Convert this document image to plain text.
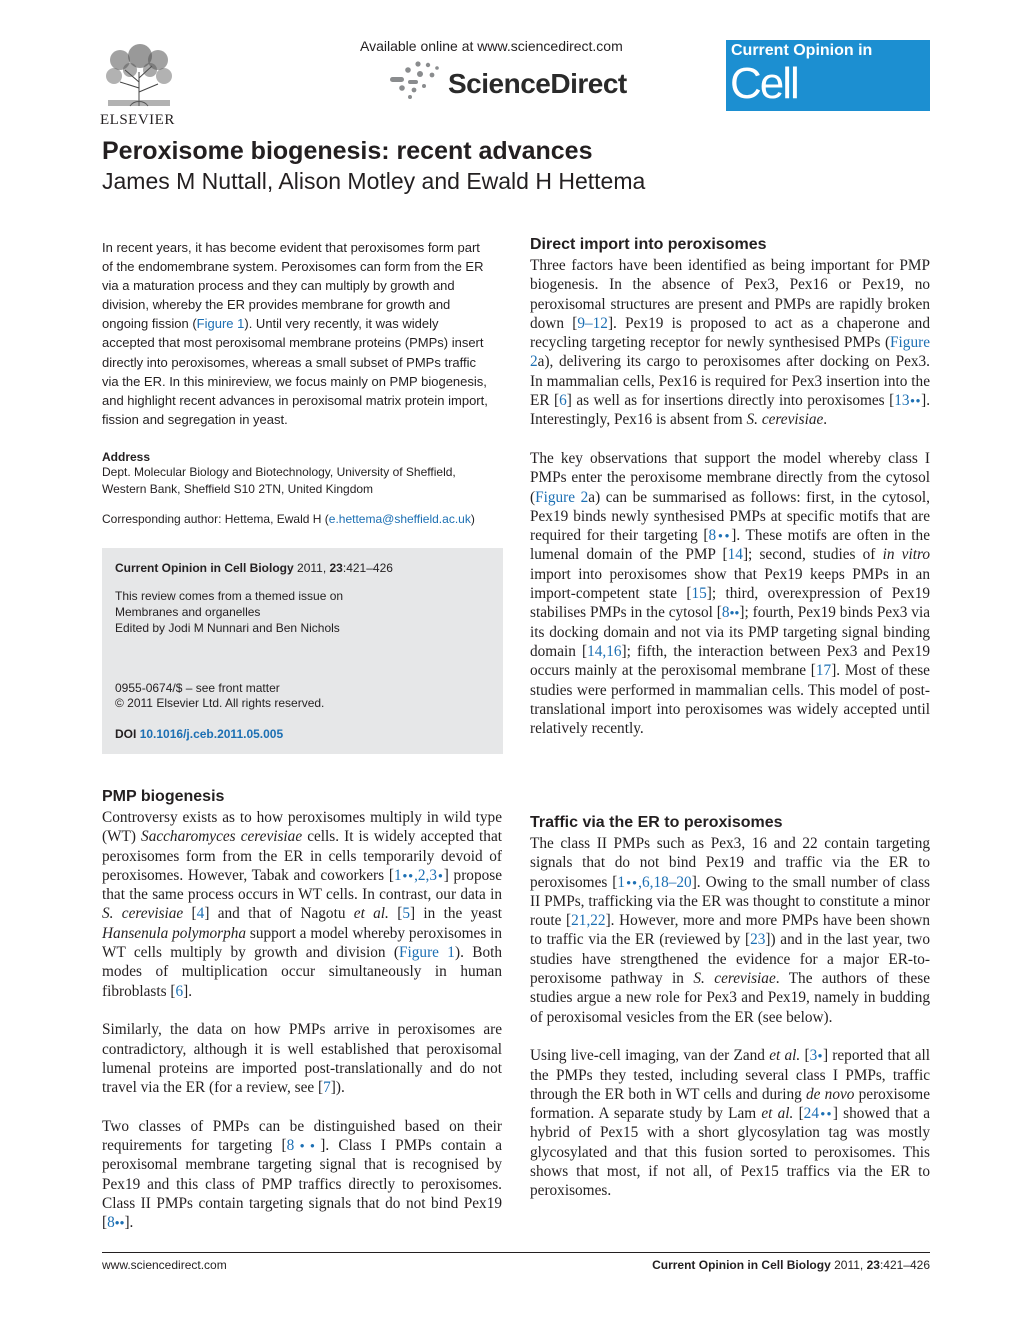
ELSEVIER
Available online at www.sciencedirect.com
ScienceDirect
Current Opinion in
Cell Biology
Peroxisome biogenesis: recent advances
James M Nuttall, Alison Motley and Ewald H Hettema
In recent years, it has become evident that peroxisomes form part of the endomembrane system. Peroxisomes can form from the ER via a maturation process and they can multiply by growth and division, whereby the ER provides membrane for growth and ongoing fission (Figure 1). Until very recently, it was widely accepted that most peroxisomal membrane proteins (PMPs) insert directly into peroxisomes, whereas a small subset of PMPs traffic via the ER. In this minireview, we focus mainly on PMP biogenesis, and highlight recent advances in peroxisomal matrix protein import, fission and segregation in yeast.
Address
Dept. Molecular Biology and Biotechnology, University of Sheffield,
Western Bank, Sheffield S10 2TN, United Kingdom
Corresponding author: Hettema, Ewald H (e.hettema@sheffield.ac.uk)
Current Opinion in Cell Biology 2011, 23:421–426
This review comes from a themed issue on
Membranes and organelles
Edited by Jodi M Nunnari and Ben Nichols
0955-0674/$ – see front matter
© 2011 Elsevier Ltd. All rights reserved.
DOI 10.1016/j.ceb.2011.05.005
PMP biogenesis

Controversy exists as to how peroxisomes multiply in wild type (WT) Saccharomyces cerevisiae cells. It is widely accepted that peroxisomes form from the ER in cells temporarily devoid of peroxisomes. However, Tabak and coworkers [1●●,2,3●] propose that the same process occurs in WT cells. In contrast, our data in S. cerevisiae [4] and that of Nagotu et al. [5] in the yeast Hansenula polymorpha support a model whereby peroxisomes in WT cells multiply by growth and division (Figure 1). Both modes of multiplication occur simultaneously in human fibroblasts [6].

Similarly, the data on how PMPs arrive in peroxisomes are contradictory, although it is well established that peroxisomal lumenal proteins are imported post-translationally and do not travel via the ER (for a review, see [7]).

Two classes of PMPs can be distinguished based on their requirements for targeting [8●●]. Class I PMPs contain a peroxisomal membrane targeting signal that is recognised by Pex19 and this class of PMP traffics directly to peroxisomes. Class II PMPs contain targeting signals that do not bind Pex19 [8●●].

Direct import into peroxisomes

Three factors have been identified as being important for PMP biogenesis. In the absence of Pex3, Pex16 or Pex19, no peroxisomal structures are present and PMPs are rapidly broken down [9–12]. Pex19 is proposed to act as a chaperone and recycling targeting receptor for newly synthesised PMPs (Figure 2a), delivering its cargo to peroxisomes after docking on Pex3. In mammalian cells, Pex16 is required for Pex3 insertion into the ER [6] as well as for insertions directly into peroxisomes [13●●]. Interestingly, Pex16 is absent from S. cerevisiae.

The key observations that support the model whereby class I PMPs enter the peroxisome membrane directly from the cytosol (Figure 2a) can be summarised as follows: first, in the cytosol, Pex19 binds newly synthesised PMPs at specific motifs that are required for their targeting [8●●]. These motifs are often in the lumenal domain of the PMP [14]; second, studies of in vitro import into peroxisomes show that Pex19 keeps PMPs in an import-competent state [15]; third, overexpression of Pex19 stabilises PMPs in the cytosol [8●●]; fourth, Pex19 binds Pex3 via its docking domain and not via its PMP targeting signal binding domain [14,16]; fifth, the interaction between Pex3 and Pex19 occurs mainly at the peroxisomal membrane [17]. Most of these studies were performed in mammalian cells. This model of post-translational import into peroxisomes was widely accepted until relatively recently.

Traffic via the ER to peroxisomes

The class II PMPs such as Pex3, 16 and 22 contain targeting signals that do not bind Pex19 and traffic via the ER to peroxisomes [1●●,6,18–20]. Owing to the small number of class II PMPs, trafficking via the ER was thought to constitute a minor route [21,22]. However, more and more PMPs have been shown to traffic via the ER (reviewed by [23]) and in the last year, two studies have strengthened the evidence for a major ER-to-peroxisome pathway in S. cerevisiae. The authors of these studies argue a new role for Pex3 and Pex19, namely in budding of peroxisomal vesicles from the ER (see below).

Using live-cell imaging, van der Zand et al. [3●] reported that all the PMPs they tested, including several class I PMPs, traffic through the ER both in WT cells and during de novo peroxisome formation. A separate study by Lam et al. [24●●] showed that a hybrid of Pex15 with a short glycosylation tag was mostly glycosylated and that this fusion sorted to peroxisomes. This shows that most, if not all, of Pex15 traffics via the ER to peroxisomes.

www.sciencedirect.com	Current Opinion in Cell Biology 2011, 23:421–426
